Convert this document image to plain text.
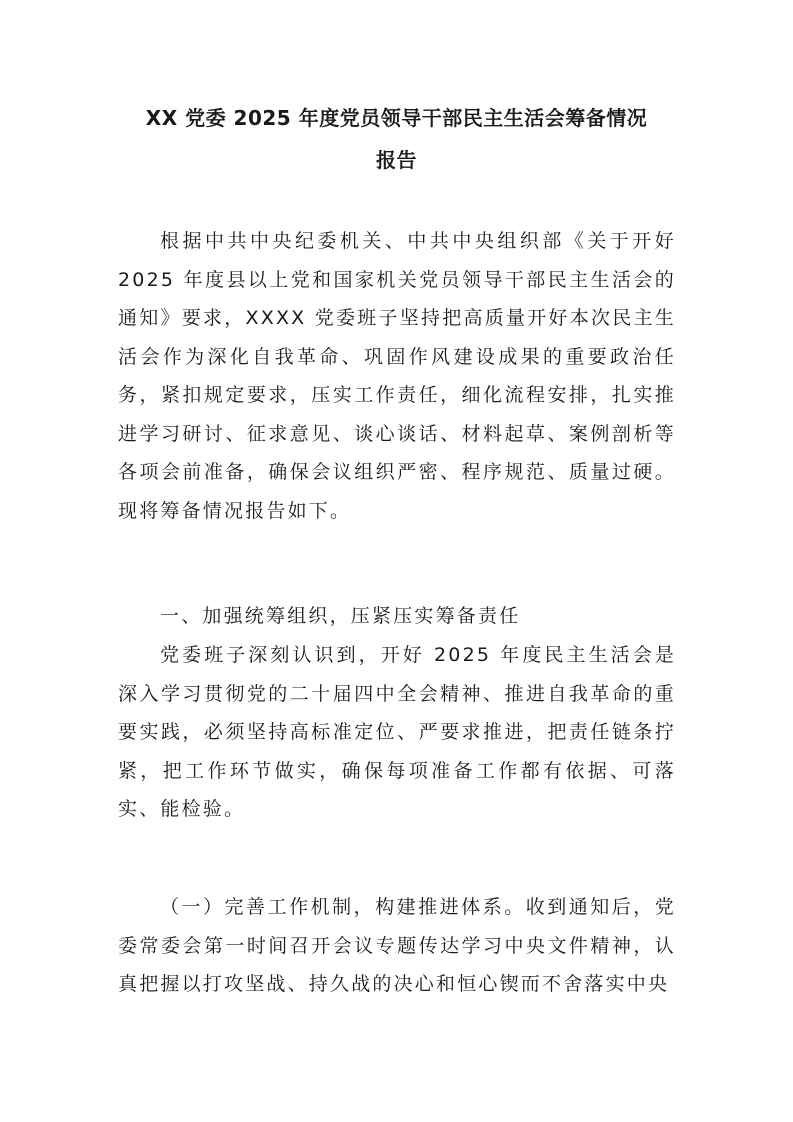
XX 党委 2025 年度党员领导干部民主生活会筹备情况
报告

根据中共中央纪委机关、中共中央组织部《关于开好 2025 年度县以上党和国家机关党员领导干部民主生活会的通知》要求，XXXX 党委班子坚持把高质量开好本次民主生活会作为深化自我革命、巩固作风建设成果的重要政治任务，紧扣规定要求，压实工作责任，细化流程安排，扎实推进学习研讨、征求意见、谈心谈话、材料起草、案例剖析等各项会前准备，确保会议组织严密、程序规范、质量过硬。现将筹备情况报告如下。

一、加强统筹组织，压紧压实筹备责任

党委班子深刻认识到，开好 2025 年度民主生活会是深入学习贯彻党的二十届四中全会精神、推进自我革命的重要实践，必须坚持高标准定位、严要求推进，把责任链条拧紧，把工作环节做实，确保每项准备工作都有依据、可落实、能检验。

（一）完善工作机制，构建推进体系。收到通知后，党委常委会第一时间召开会议专题传达学习中央文件精神，认真把握以打攻坚战、持久战的决心和恒心锲而不舍落实中央
